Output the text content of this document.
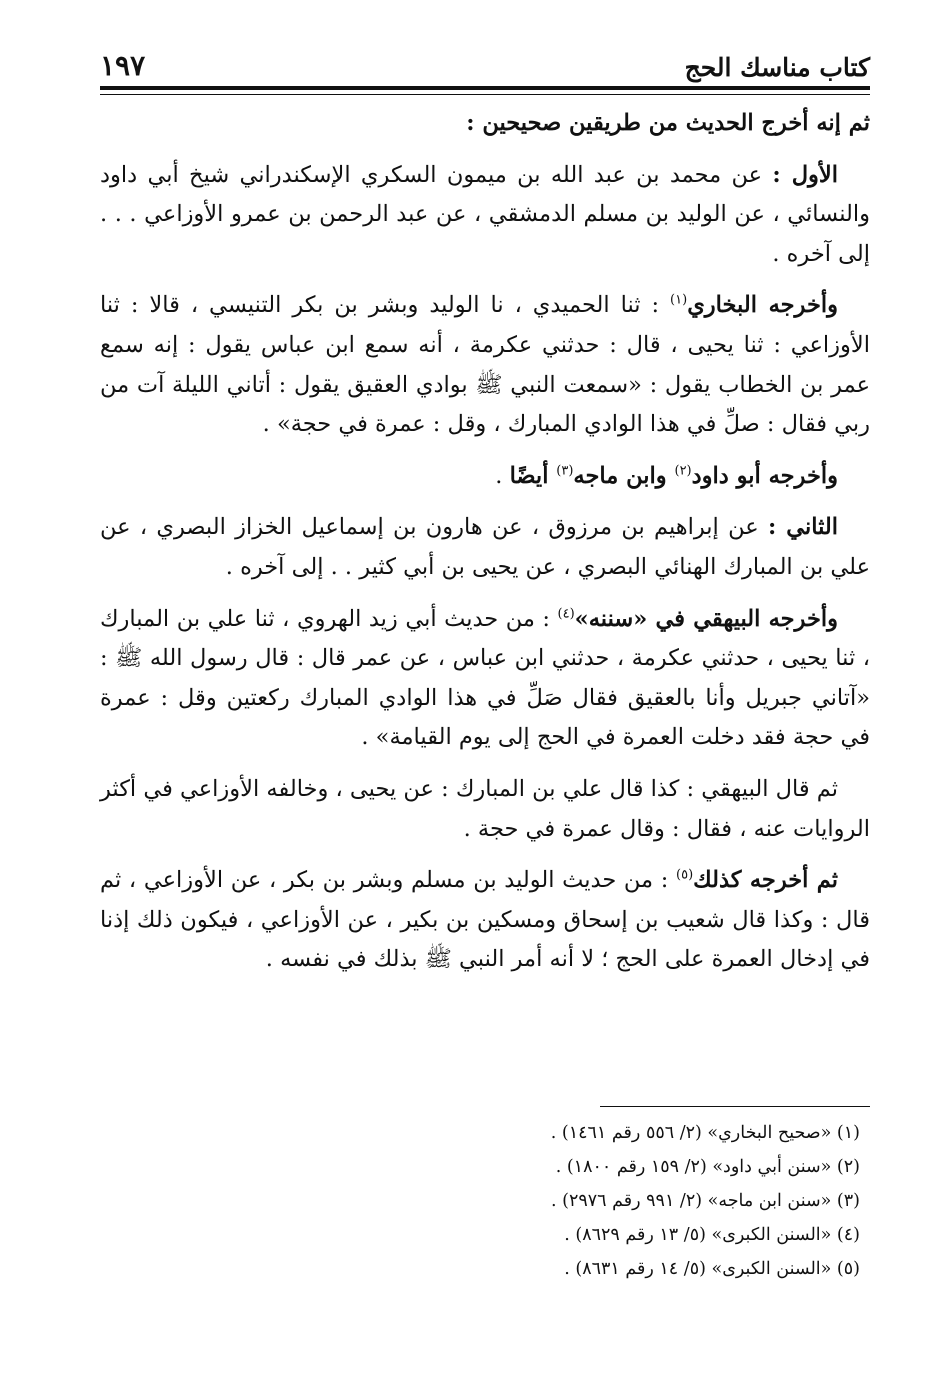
كتاب مناسك الحج
١٩٧

ثم إنه أخرج الحديث من طريقين صحيحين :

الأول : عن محمد بن عبد الله بن ميمون السكري الإسكندراني شيخ أبي داود والنسائي ، عن الوليد بن مسلم الدمشقي ، عن عبد الرحمن بن عمرو الأوزاعي . . . إلى آخره .

وأخرجه البخاري$^{(١)}$ : ثنا الحميدي ، نا الوليد وبشر بن بكر التنيسي ، قالا : ثنا الأوزاعي : ثنا يحيى ، قال : حدثني عكرمة ، أنه سمع ابن عباس يقول : إنه سمع عمر بن الخطاب يقول : «سمعت النبي ﷺ بوادي العقيق يقول : أتاني الليلة آت من ربي فقال : صلِّ في هذا الوادي المبارك ، وقل : عمرة في حجة» .

وأخرجه أبو داود$^{(٢)}$ وابن ماجه$^{(٣)}$ أيضًا .

الثاني : عن إبراهيم بن مرزوق ، عن هارون بن إسماعيل الخزاز البصري ، عن علي بن المبارك الهنائي البصري ، عن يحيى بن أبي كثير . . إلى آخره .

وأخرجه البيهقي في «سننه»$^{(٤)}$ : من حديث أبي زيد الهروي ، ثنا علي بن المبارك ، ثنا يحيى ، حدثني عكرمة ، حدثني ابن عباس ، عن عمر قال : قال رسول الله ﷺ : «آتاني جبريل وأنا بالعقيق فقال صَلِّ في هذا الوادي المبارك ركعتين وقل : عمرة في حجة فقد دخلت العمرة في الحج إلى يوم القيامة» .

ثم قال البيهقي : كذا قال علي بن المبارك : عن يحيى ، وخالفه الأوزاعي في أكثر الروايات عنه ، فقال : وقال عمرة في حجة .

ثم أخرجه كذلك$^{(٥)}$ : من حديث الوليد بن مسلم وبشر بن بكر ، عن الأوزاعي ، ثم قال : وكذا قال شعيب بن إسحاق ومسكين بن بكير ، عن الأوزاعي ، فيكون ذلك إذنا في إدخال العمرة على الحج ؛ لا أنه أمر النبي ﷺ بذلك في نفسه .

(١) «صحيح البخاري» (٢/ ٥٥٦ رقم ١٤٦١) .
(٢) «سنن أبي داود» (٢/ ١٥٩ رقم ١٨٠٠) .
(٣) «سنن ابن ماجه» (٢/ ٩٩١ رقم ٢٩٧٦) .
(٤) «السنن الكبرى» (٥/ ١٣ رقم ٨٦٢٩) .
(٥) «السنن الكبرى» (٥/ ١٤ رقم ٨٦٣١) .
